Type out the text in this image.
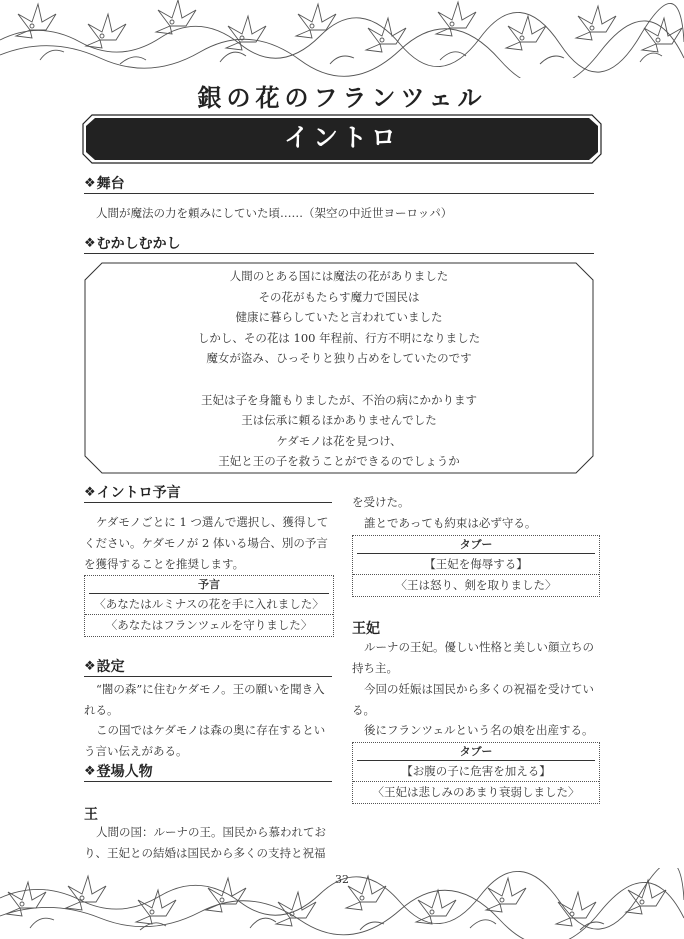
銀の花のフランツェル
イントロ
❖ 舞台
人間が魔法の力を頼みにしていた頃……（架空の中近世ヨーロッパ）
❖ むかしむかし
人間のとある国には魔法の花がありました
その花がもたらす魔力で国民は
健康に暮らしていたと言われていました
しかし、その花は 100 年程前、行方不明になりました
魔女が盗み、ひっそりと独り占めをしていたのです
王妃は子を身籠もりましたが、不治の病にかかります
王は伝承に頼るほかありませんでした
ケダモノは花を見つけ、
王妃と王の子を救うことができるのでしょうか
❖ イントロ予言
ケダモノごとに 1 つ選んで選択し、獲得してください。ケダモノが 2 体いる場合、別の予言を獲得することを推奨します。
予言
〈あなたはルミナスの花を手に入れました〉
〈あなたはフランツェルを守りました〉
❖ 設定
“闇の森”に住むケダモノ。王の願いを聞き入れる。
この国ではケダモノは森の奥に存在するという言い伝えがある。
❖ 登場人物
王
人間の国：ルーナの王。国民から慕われており、王妃との結婚は国民から多くの支持と祝福
を受けた。
誰とであっても約束は必ず守る。
タブー
【王妃を侮辱する】
〈王は怒り、剣を取りました〉
王妃
ルーナの王妃。優しい性格と美しい顔立ちの持ち主。
今回の妊娠は国民から多くの祝福を受けている。
後にフランツェルという名の娘を出産する。
タブー
【お腹の子に危害を加える】
〈王妃は悲しみのあまり衰弱しました〉
32
